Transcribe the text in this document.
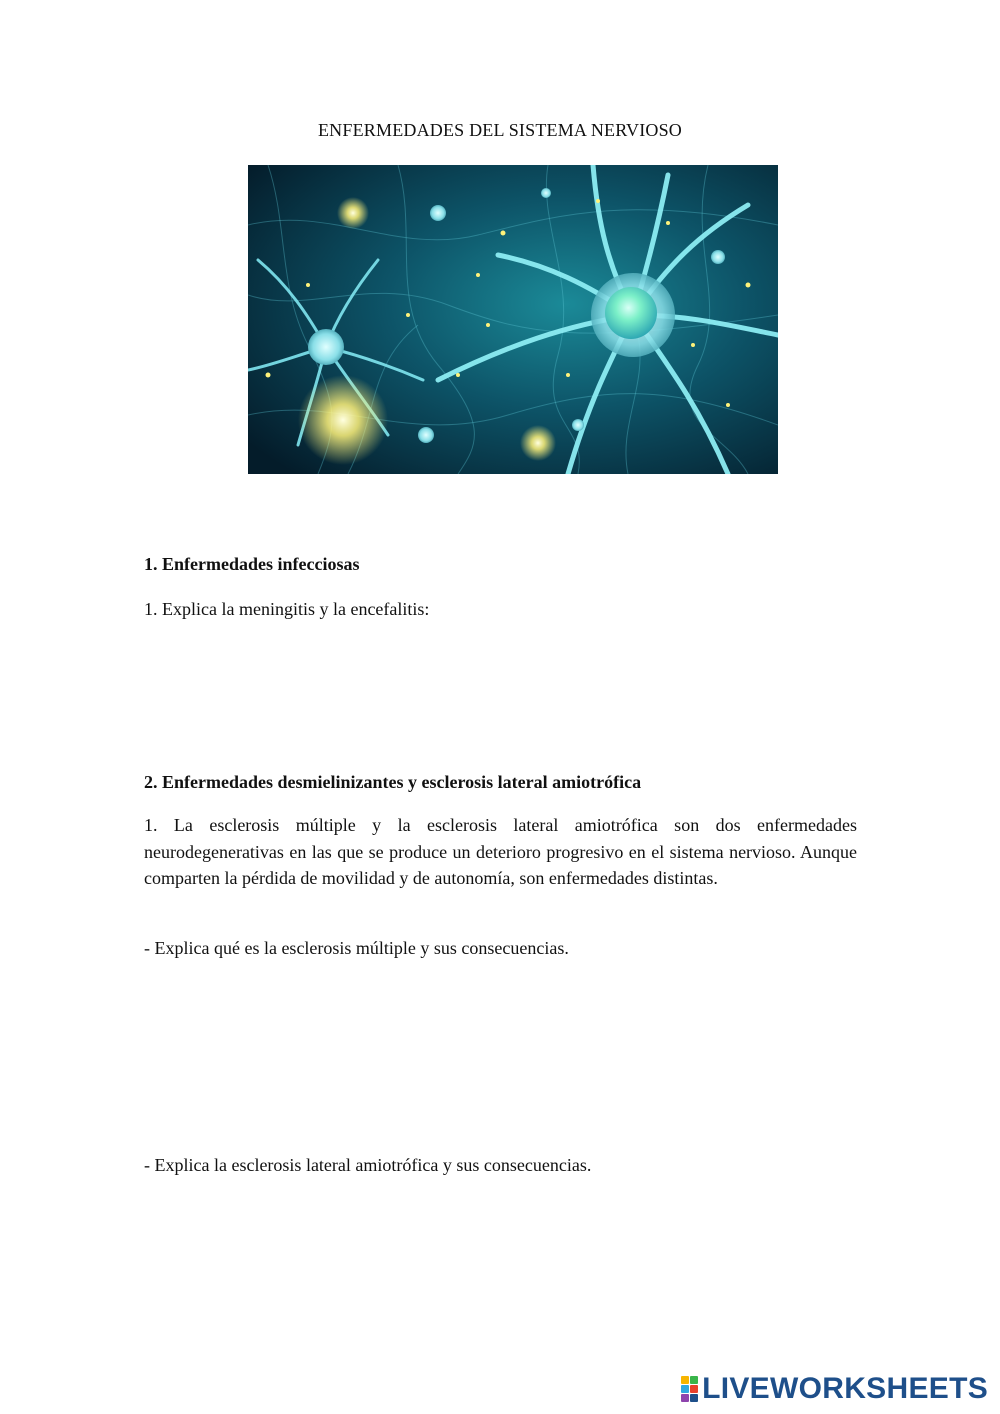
ENFERMEDADES DEL SISTEMA NERVIOSO
1. Enfermedades infecciosas
1. Explica la meningitis y la encefalitis:
2. Enfermedades desmielinizantes y esclerosis lateral amiotrófica
1. La esclerosis múltiple y la esclerosis lateral amiotrófica son dos enfermedades neurodegenerativas en las que se produce un deterioro progresivo en el sistema nervioso. Aunque comparten la pérdida de movilidad y de autonomía, son enfermedades distintas.
- Explica qué es la esclerosis múltiple y sus consecuencias.
- Explica la esclerosis lateral amiotrófica y sus consecuencias.
LIVEWORKSHEETS
